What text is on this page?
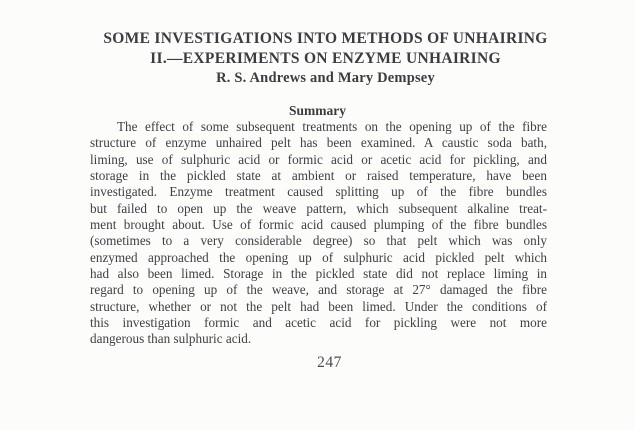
SOME INVESTIGATIONS INTO METHODS OF UNHAIRING
II.—EXPERIMENTS ON ENZYME UNHAIRING
R. S. Andrews and Mary Dempsey
Summary
The effect of some subsequent treatments on the opening up of the fibre
structure of enzyme unhaired pelt has been examined. A caustic soda bath,
liming, use of sulphuric acid or formic acid or acetic acid for pickling, and
storage in the pickled state at ambient or raised temperature, have been
investigated. Enzyme treatment caused splitting up of the fibre bundles
but failed to open up the weave pattern, which subsequent alkaline treat-
ment brought about. Use of formic acid caused plumping of the fibre bundles
(sometimes to a very considerable degree) so that pelt which was only
enzymed approached the opening up of sulphuric acid pickled pelt which
had also been limed. Storage in the pickled state did not replace liming in
regard to opening up of the weave, and storage at 27° damaged the fibre
structure, whether or not the pelt had been limed. Under the conditions of
this investigation formic and acetic acid for pickling were not more
dangerous than sulphuric acid.
247
